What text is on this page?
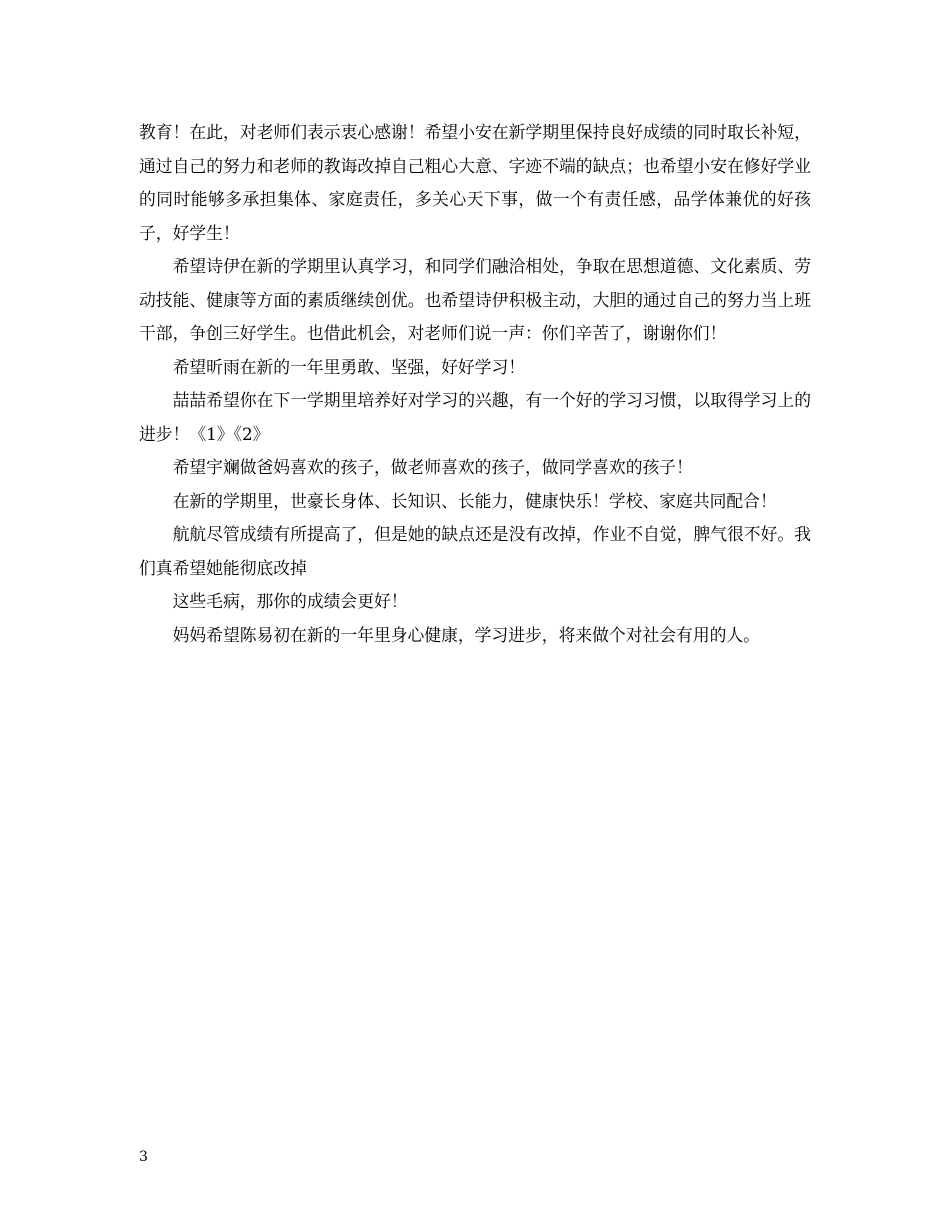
教育！在此，对老师们表示衷心感谢！希望小安在新学期里保持良好成绩的同时取长补短，通过自己的努力和老师的教诲改掉自己粗心大意、字迹不端的缺点；也希望小安在修好学业的同时能够多承担集体、家庭责任，多关心天下事，做一个有责任感，品学体兼优的好孩子，好学生！

希望诗伊在新的学期里认真学习，和同学们融洽相处，争取在思想道德、文化素质、劳动技能、健康等方面的素质继续创优。也希望诗伊积极主动，大胆的通过自己的努力当上班干部，争创三好学生。也借此机会，对老师们说一声：你们辛苦了，谢谢你们！

希望昕雨在新的一年里勇敢、坚强，好好学习！

喆喆希望你在下一学期里培养好对学习的兴趣，有一个好的学习习惯，以取得学习上的进步！《1》《2》

希望宇斓做爸妈喜欢的孩子，做老师喜欢的孩子，做同学喜欢的孩子！

在新的学期里，世豪长身体、长知识、长能力，健康快乐！学校、家庭共同配合！

航航尽管成绩有所提高了，但是她的缺点还是没有改掉，作业不自觉，脾气很不好。我们真希望她能彻底改掉

这些毛病，那你的成绩会更好！

妈妈希望陈易初在新的一年里身心健康，学习进步，将来做个对社会有用的人。

3
